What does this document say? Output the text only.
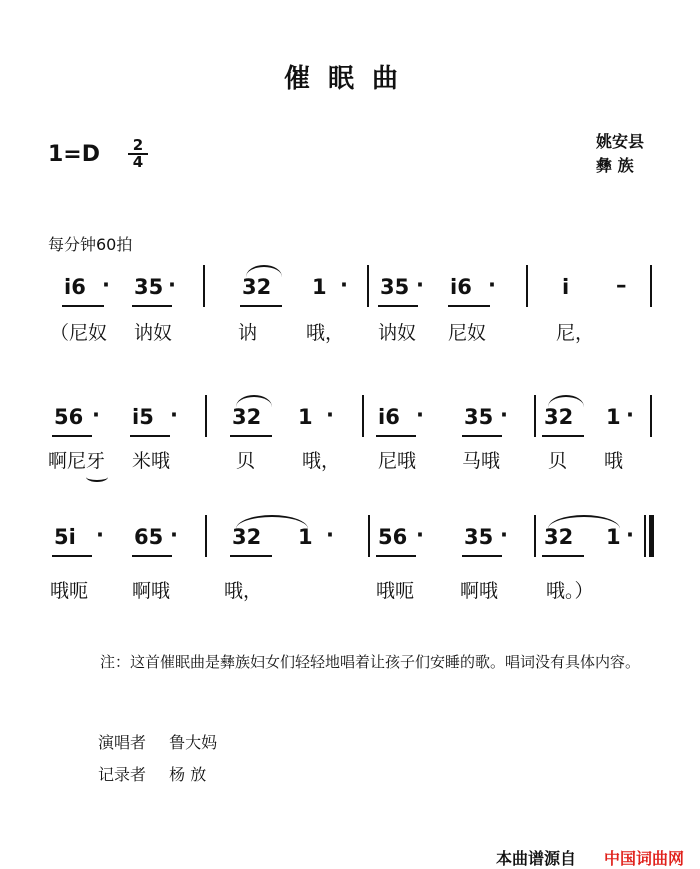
催眠曲
$1=D \frac{2}{4}$	姚安县
彝 族
每分钟60拍
i̇6 · 35 ·	32 1 · 35 · i̇6 ·	i̇ –
（尼奴 讷奴	讷	哦， 讷奴 尼奴	尼，
56 · i̇5 ·	32 1 · i̇6 · 35 · 32 1 ·
啊尼牙 米哦	贝 哦， 尼哦 马哦	贝 哦
5i̇ · 65 ·	32 1 · 56 · 35 · 32 1 ·
哦呃 啊哦	哦，	哦呃 啊哦	哦。）
注：这首催眠曲是彝族妇女们轻轻地唱着让孩子们安睡的歌。唱词没有具体内容。
演唱者 鲁大妈
记录者 杨 放
本曲谱源自 中国词曲网
